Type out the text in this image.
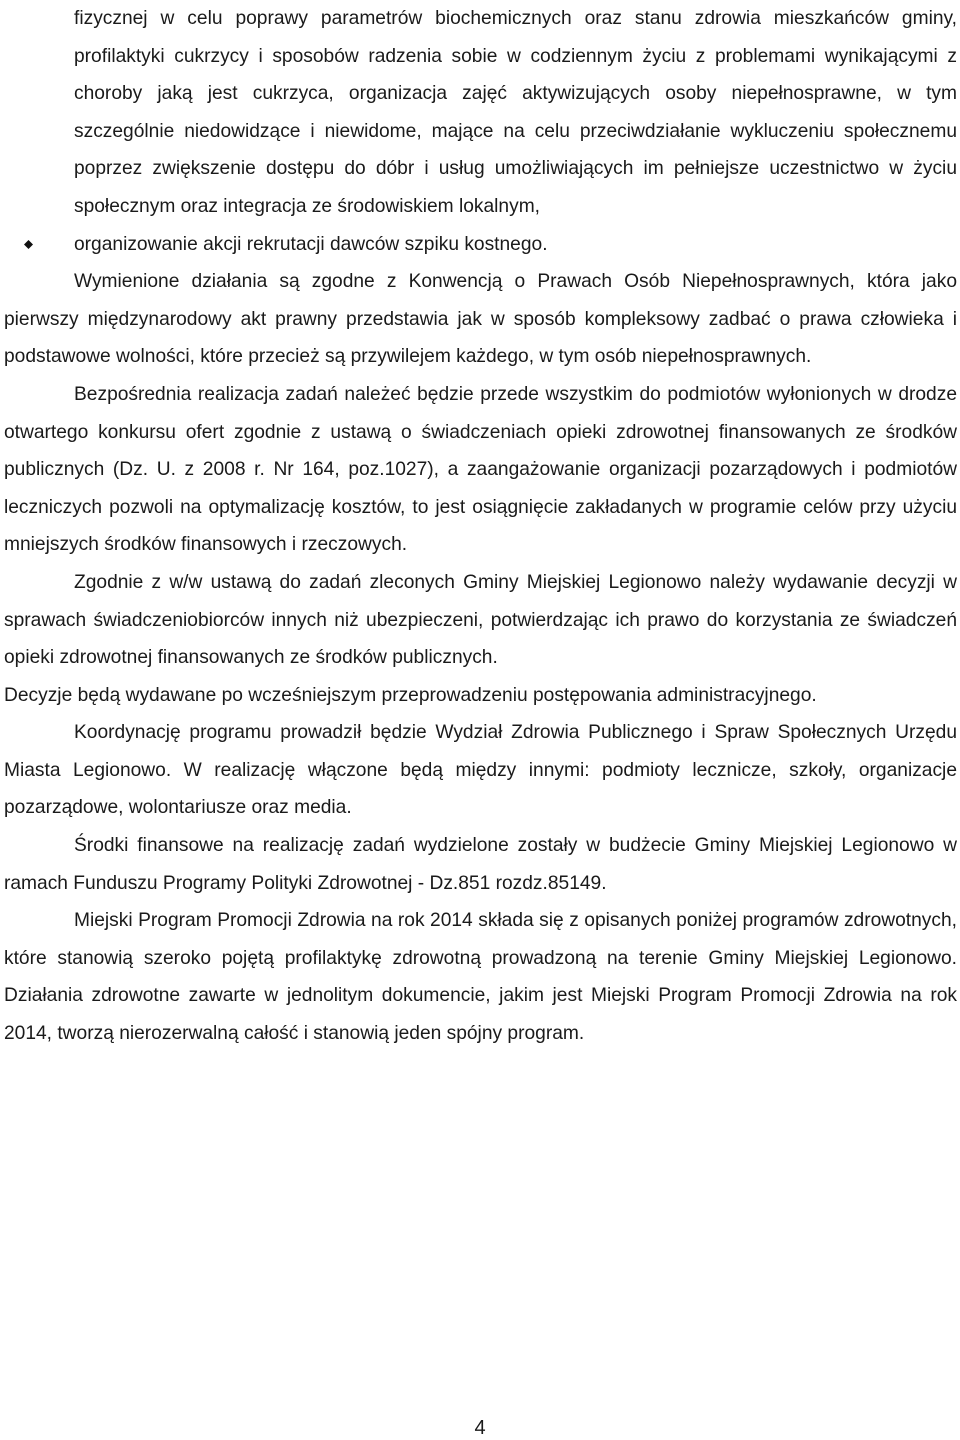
fizycznej w celu poprawy parametrów biochemicznych oraz stanu zdrowia mieszkańców gminy, profilaktyki cukrzycy i sposobów radzenia sobie w codziennym życiu z problemami wynikającymi z choroby jaką jest cukrzyca, organizacja zajęć aktywizujących osoby niepełnosprawne, w tym szczególnie niedowidzące i niewidome, mające na celu przeciwdziałanie wykluczeniu społecznemu poprzez zwiększenie dostępu do dóbr i usług umożliwiających im pełniejsze uczestnictwo w życiu społecznym oraz integracja ze środowiskiem lokalnym,

organizowanie akcji rekrutacji dawców szpiku kostnego.

Wymienione działania są zgodne z Konwencją o Prawach Osób Niepełnosprawnych, która jako pierwszy międzynarodowy akt prawny przedstawia jak w sposób kompleksowy zadbać o prawa człowieka i podstawowe wolności, które przecież są przywilejem każdego, w tym osób niepełnosprawnych.

Bezpośrednia realizacja zadań należeć będzie przede wszystkim do podmiotów wyłonionych w drodze otwartego konkursu ofert zgodnie z ustawą o świadczeniach opieki zdrowotnej finansowanych ze środków publicznych (Dz. U. z 2008 r. Nr 164, poz.1027), a zaangażowanie organizacji pozarządowych i podmiotów leczniczych pozwoli na optymalizację kosztów, to jest osiągnięcie zakładanych w programie celów przy użyciu mniejszych środków finansowych i rzeczowych.

Zgodnie z w/w ustawą do zadań zleconych Gminy Miejskiej Legionowo należy wydawanie decyzji w sprawach świadczeniobiorców innych niż ubezpieczeni, potwierdzając ich prawo do korzystania ze świadczeń opieki zdrowotnej finansowanych ze środków publicznych.

Decyzje będą wydawane po wcześniejszym przeprowadzeniu postępowania administracyjnego.

Koordynację programu prowadził będzie Wydział Zdrowia Publicznego i Spraw Społecznych Urzędu Miasta Legionowo. W realizację włączone będą między innymi: podmioty lecznicze, szkoły, organizacje pozarządowe, wolontariusze oraz media.

Środki finansowe na realizację zadań wydzielone zostały w budżecie Gminy Miejskiej Legionowo w ramach Funduszu Programy Polityki Zdrowotnej - Dz.851 rozdz.85149.

Miejski Program Promocji Zdrowia na rok 2014 składa się z opisanych poniżej programów zdrowotnych, które stanowią szeroko pojętą profilaktykę zdrowotną prowadzoną na terenie Gminy Miejskiej Legionowo. Działania zdrowotne zawarte w jednolitym dokumencie, jakim jest Miejski Program Promocji Zdrowia na rok 2014, tworzą nierozerwalną całość i stanowią jeden spójny program.

4
